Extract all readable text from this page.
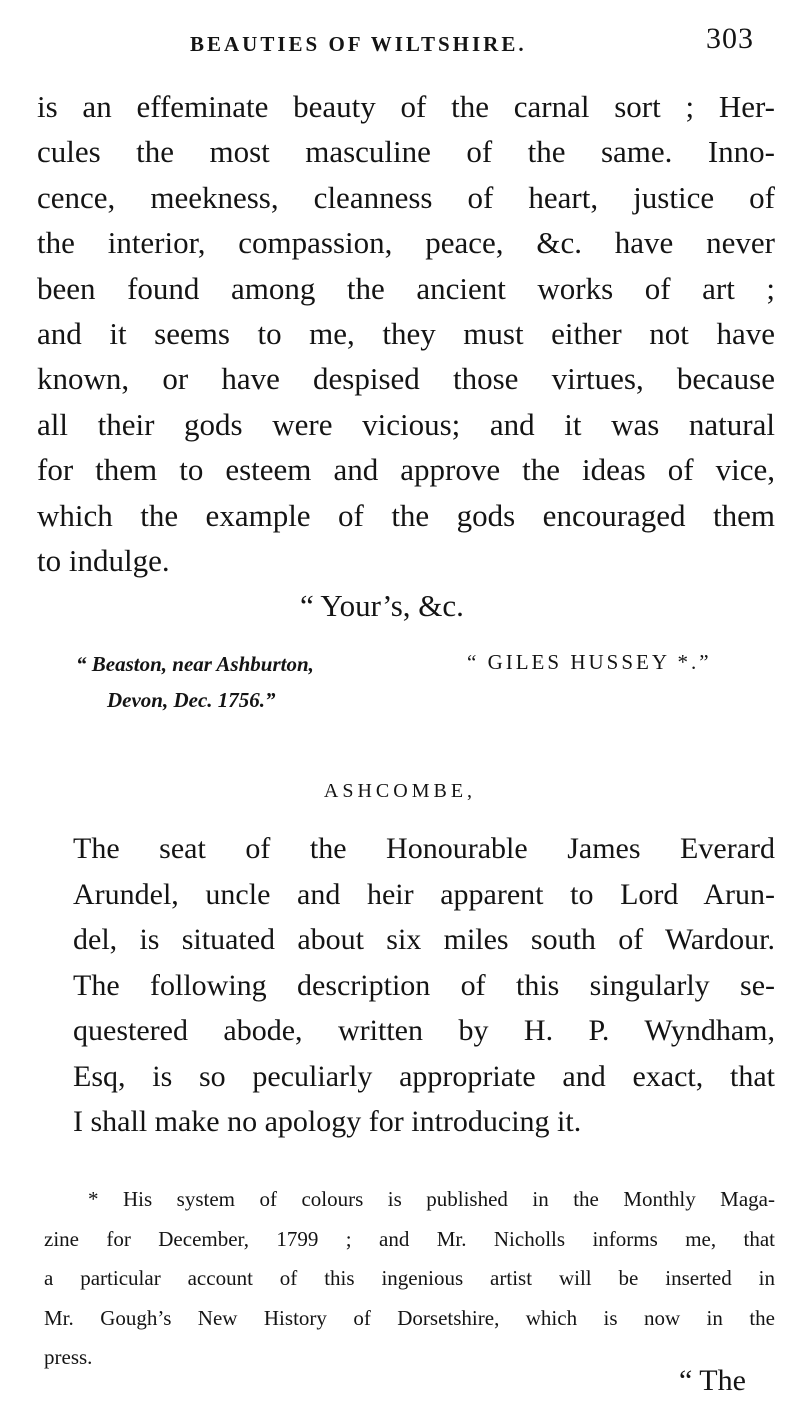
BEAUTIES OF WILTSHIRE.	303
is an effeminate beauty of the carnal sort ; Her-
cules the most masculine of the same. Inno-
cence, meekness, cleanness of heart, justice of
the interior, compassion, peace, &c. have never
been found among the ancient works of art ;
and it seems to me, they must either not have
known, or have despised those virtues, because
all their gods were vicious; and it was natural
for them to esteem and approve the ideas of vice,
which the example of the gods encouraged them
to indulge.
“ Your’s, &c.
“ Beaston, near Ashburton,
Devon, Dec. 1756.”
“ GILES HUSSEY *.”
ASHCOMBE,
The seat of the Honourable James Everard
Arundel, uncle and heir apparent to Lord Arun-
del, is situated about six miles south of Wardour.
The following description of this singularly se-
questered abode, written by H. P. Wyndham,
Esq, is so peculiarly appropriate and exact, that
I shall make no apology for introducing it.
* His system of colours is published in the Monthly Maga-
zine for December, 1799 ; and Mr. Nicholls informs me, that
a particular account of this ingenious artist will be inserted in
Mr. Gough’s New History of Dorsetshire, which is now in the
press.
“ The
